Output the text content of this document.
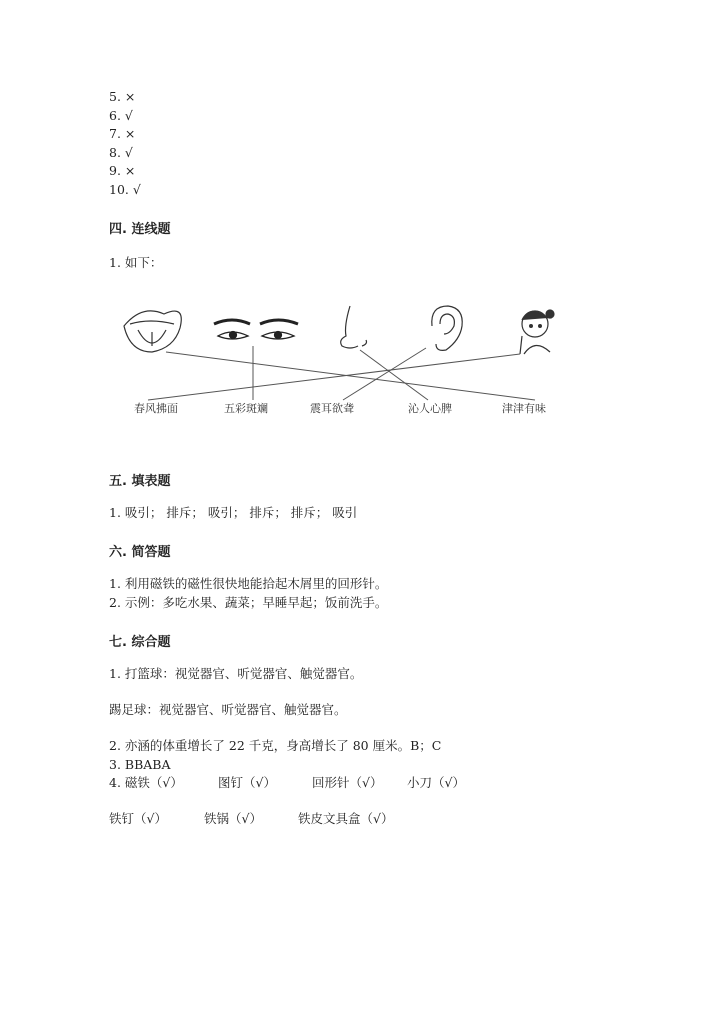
5. ×
6. √
7. ×
8. √
9. ×
10. √
四. 连线题
1. 如下：
春风拂面	五彩斑斓	震耳欲聋	沁人心脾	津津有味
五. 填表题
1. 吸引； 排斥； 吸引； 排斥； 排斥； 吸引
六. 简答题
1. 利用磁铁的磁性很快地能拾起木屑里的回形针。
2. 示例：多吃水果、蔬菜；早睡早起；饭前洗手。
七. 综合题
1. 打篮球：视觉器官、听觉器官、触觉器官。
踢足球：视觉器官、听觉器官、触觉器官。
2. 亦涵的体重增长了 22 千克，身高增长了 80 厘米。B；C
3. BBABA
4. 磁铁（√）	图钉（√）	回形针（√） 小刀（√）
铁钉（√）	铁锅（√）	铁皮文具盒（√）
